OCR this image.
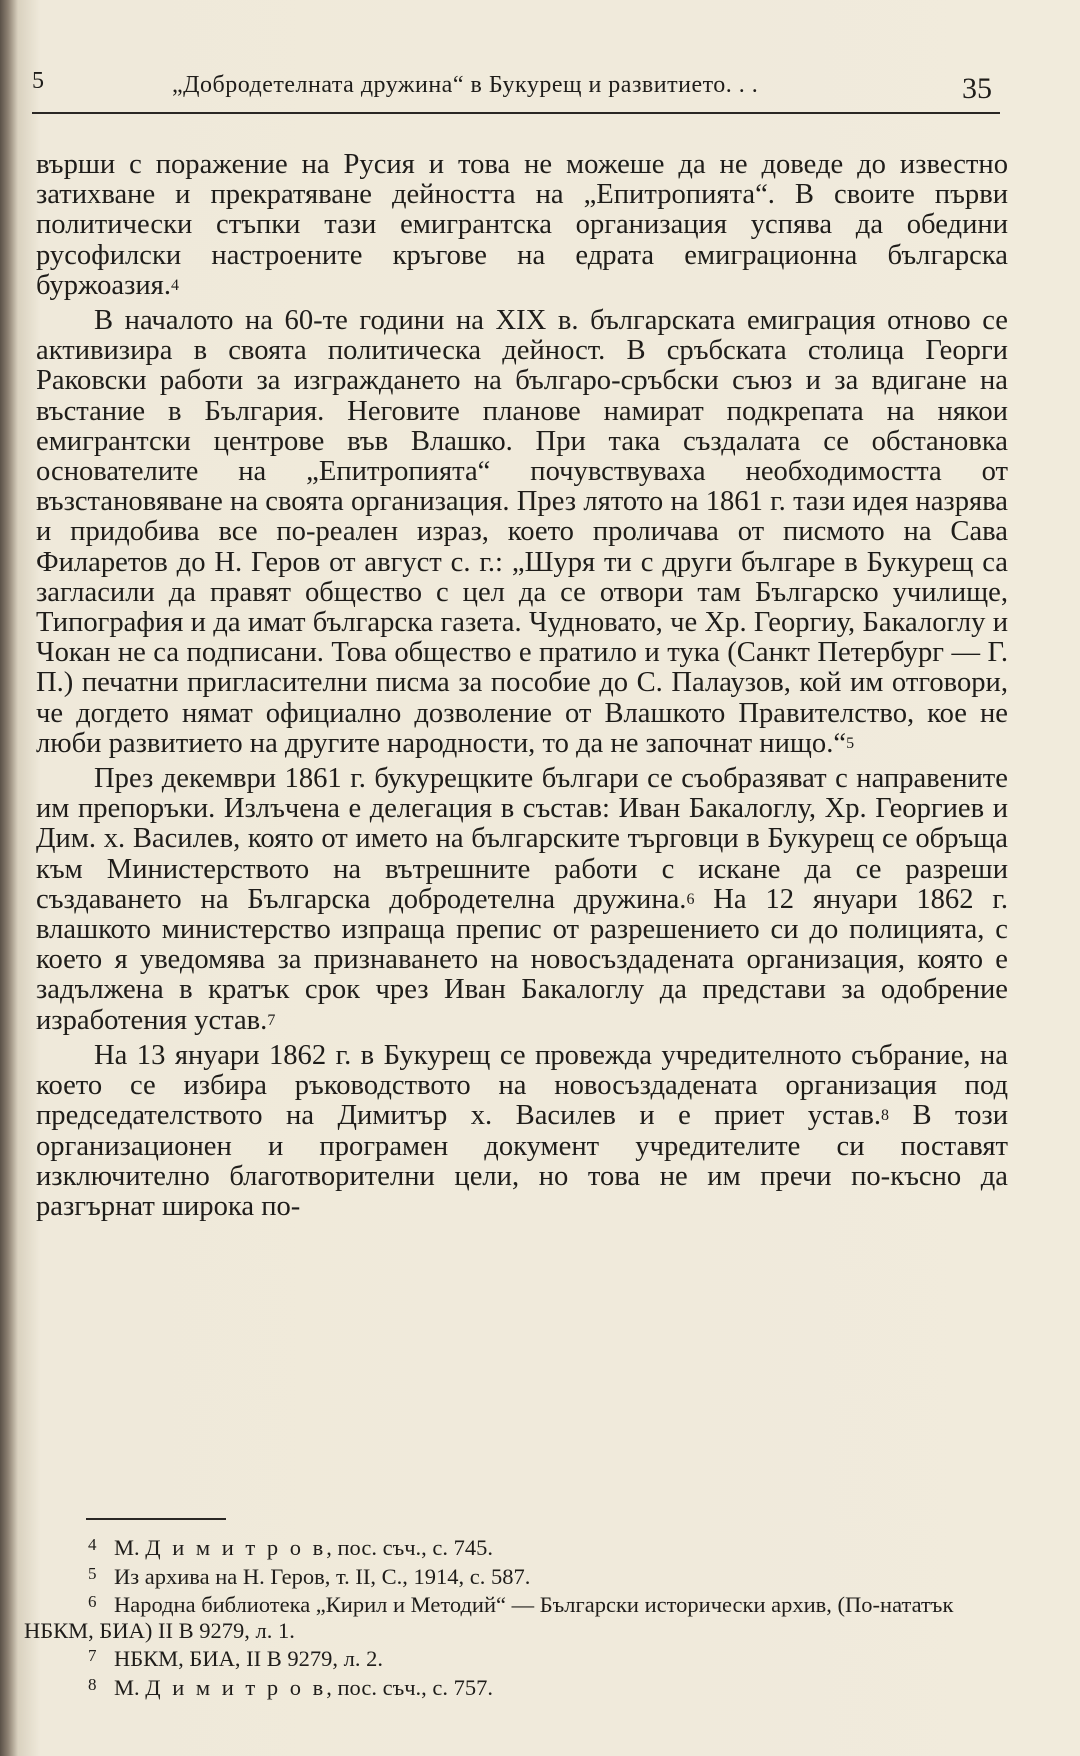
5	„Добродетелната дружина“ в Букурещ и развитието. . .	35

върши с поражение на Русия и това не можеше да не доведе до известно затихване и прекратяване дейността на „Епитропията“. В своите първи политически стъпки тази емигрантска организация успява да обедини русофилски настроените кръгове на едрата емиграционна българска буржоазия.$^4$

В началото на 60-те години на XIX в. българската емиграция отново се активизира в своята политическа дейност. В сръбската столица Георги Раковски работи за изграждането на българо-сръбски съюз и за вдигане на въстание в България. Неговите планове намират подкрепата на някои емигрантски центрове във Влашко. При така създалата се обстановка основателите на „Епитропията“ почувствуваха необходимостта от възстановяване на своята организация. През лятото на 1861 г. тази идея назрява и придобива все по-реален израз, което проличава от писмото на Сава Филаретов до Н. Геров от август с. г.: „Шуря ти с други българе в Букурещ са загласили да правят общество с цел да се отвори там Българско училище, Типография и да имат българска газета. Чудновато, че Хр. Георгиу, Бакалоглу и Чокан не са подписани. Това общество е пратило и тука (Санкт Петербург — Г. П.) печатни пригласителни писма за пособие до С. Палаузов, кой им отговори, че догдето нямат официално дозволение от Влашкото Правителство, кое не люби развитието на другите народности, то да не започнат нищо.“$^5$

През декември 1861 г. букурещките българи се съобразяват с направените им препоръки. Излъчена е делегация в състав: Иван Бакалоглу, Хр. Георгиев и Дим. х. Василев, която от името на българските търговци в Букурещ се обръща към Министерството на вътрешните работи с искане да се разреши създаването на Българска добродетелна дружина.$^6$ На 12 януари 1862 г. влашкото министерство изпраща препис от разрешението си до полицията, с което я уведомява за признаването на новосъздадената организация, която е задължена в кратък срок чрез Иван Бакалоглу да представи за одобрение изработения устав.$^7$

На 13 януари 1862 г. в Букурещ се провежда учредителното събрание, на което се избира ръководството на новосъздадената организация под председателството на Димитър х. Василев и е приет устав.$^8$ В този организационен и програмен документ учредителите си поставят изключително благотворителни цели, но това не им пречи по-късно да разгърнат широка по-

4 М. Д и м и т р о в, пос. съч., с. 745.

5 Из архива на Н. Геров, т. II, С., 1914, с. 587.

6 Народна библиотека „Кирил и Методий“ — Български исторически архив, (По-нататък НБКМ, БИА) II В 9279, л. 1.

7 НБКМ, БИА, II В 9279, л. 2.

8 М. Д и м и т р о в, пос. съч., с. 757.
